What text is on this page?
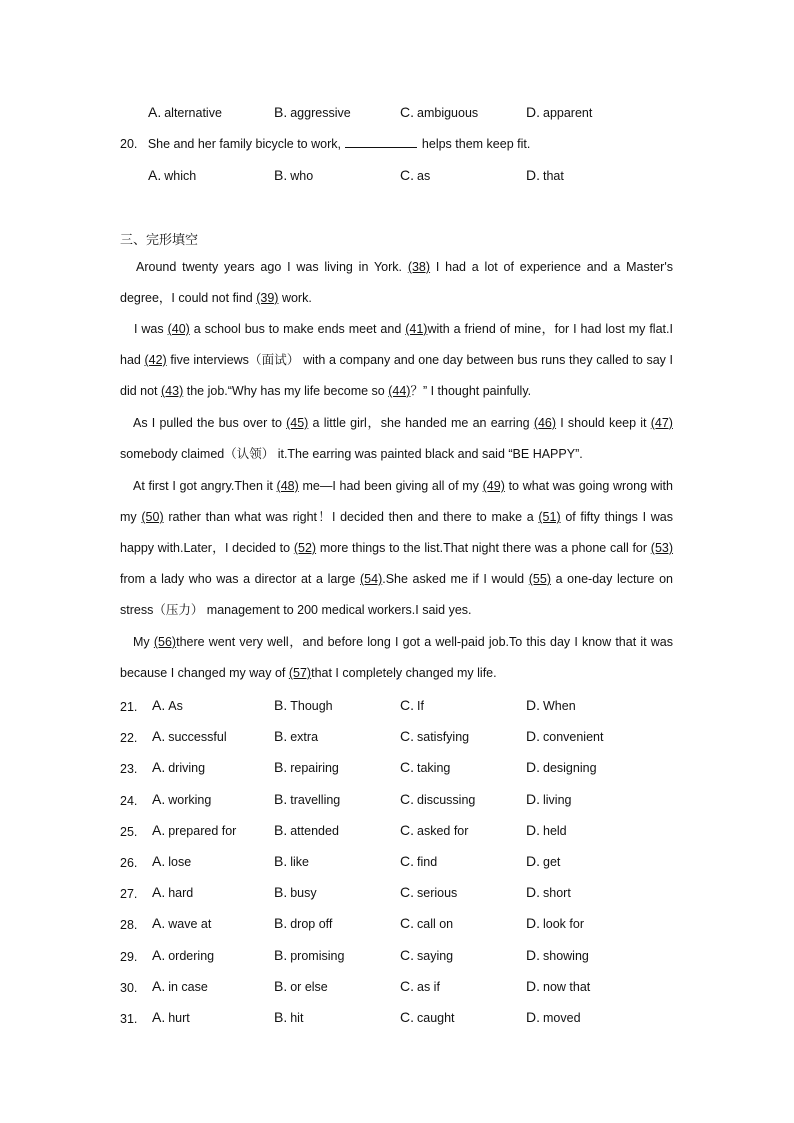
A. alternative	B. aggressive	C. ambiguous	D. apparent
20. She and her family bicycle to work,	helps them keep fit.
A. which	B. who	C. as	D. that
三、完形填空
Around twenty years ago I was living in York. (38) I had a lot of experience and a Master's degree，I could not find (39) work.
I was (40) a school bus to make ends meet and (41)with a friend of mine，for I had lost my flat.I had (42) five interviews（面试） with a company and one day between bus runs they called to say I did not (43) the job.“Why has my life become so (44)？” I thought painfully.
As I pulled the bus over to (45) a little girl，she handed me an earring (46) I should keep it (47) somebody claimed（认领） it.The earring was painted black and said “BE HAPPY”.
At first I got angry.Then it (48) me—I had been giving all of my (49) to what was going wrong with my (50) rather than what was right！I decided then and there to make a (51) of fifty things I was happy with.Later，I decided to (52) more things to the list.That night there was a phone call for (53) from a lady who was a director at a large (54).She asked me if I would (55) a one-day lecture on stress（压力） management to 200 medical workers.I said yes.
My (56)there went very well，and before long I got a well-paid job.To this day I know that it was because I changed my way of (57)that I completely changed my life.
21. A. As	B. Though	C. If	D. When
22. A. successful	B. extra	C. satisfying	D. convenient
23. A. driving	B. repairing	C. taking	D. designing
24. A. working	B. travelling	C. discussing	D. living
25. A. prepared for	B. attended	C. asked for	D. held
26. A. lose	B. like	C. find	D. get
27. A. hard	B. busy	C. serious	D. short
28. A. wave at	B. drop off	C. call on	D. look for
29. A. ordering	B. promising	C. saying	D. showing
30. A. in case	B. or else	C. as if	D. now that
31. A. hurt	B. hit	C. caught	D. moved
